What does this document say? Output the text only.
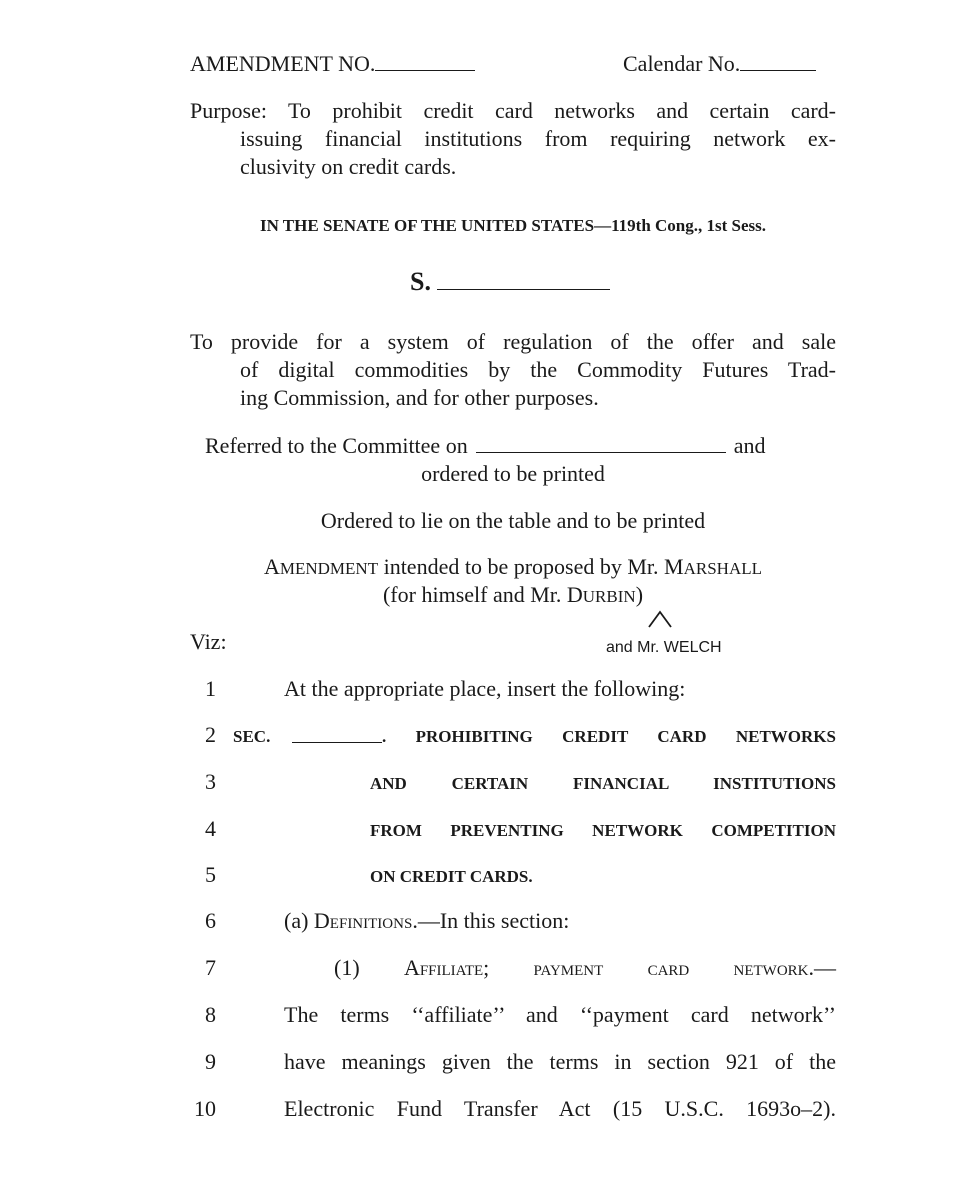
AMENDMENT NO.	Calendar No.
Purpose: To prohibit credit card networks and certain card-
issuing financial institutions from requiring network ex-
clusivity on credit cards.
IN THE SENATE OF THE UNITED STATES—119th Cong., 1st Sess.
S.
To provide for a system of regulation of the offer and sale
of digital commodities by the Commodity Futures Trad-
ing Commission, and for other purposes.
Referred to the Committee on	and
ordered to be printed
Ordered to lie on the table and to be printed
AMENDMENT intended to be proposed by Mr. MARSHALL
(for himself and Mr. DURBIN)
and Mr. WELCH
Viz:
1	At the appropriate place, insert the following:
2 SEC.	. PROHIBITING CREDIT CARD NETWORKS
3	AND CERTAIN FINANCIAL INSTITUTIONS
4	FROM PREVENTING NETWORK COMPETITION
5	ON CREDIT CARDS.
6	(a) Definitions.—In this section:
7	(1) Affiliate; payment card network.—
8	The terms ‘‘affiliate’’ and ‘‘payment card network’’
9	have meanings given the terms in section 921 of the
10	Electronic Fund Transfer Act (15 U.S.C. 1693o–2).
